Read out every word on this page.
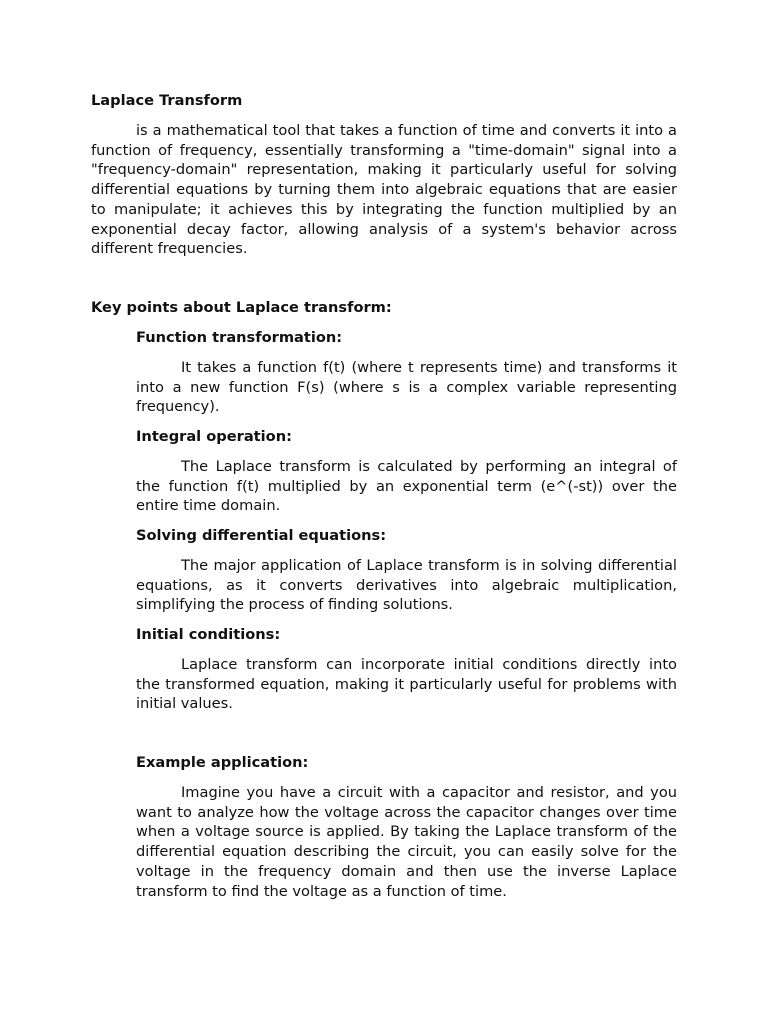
Laplace Transform

is a mathematical tool that takes a function of time and converts it into a function of frequency, essentially transforming a "time-domain" signal into a "frequency-domain" representation, making it particularly useful for solving differential equations by turning them into algebraic equations that are easier to manipulate; it achieves this by integrating the function multiplied by an exponential decay factor, allowing analysis of a system's behavior across different frequencies.

Key points about Laplace transform:
Function transformation:

It takes a function f(t) (where t represents time) and transforms it into a new function F(s) (where s is a complex variable representing frequency).

Integral operation:

The Laplace transform is calculated by performing an integral of the function f(t) multiplied by an exponential term (e^(-st)) over the entire time domain.

Solving differential equations:

The major application of Laplace transform is in solving differential equations, as it converts derivatives into algebraic multiplication, simplifying the process of finding solutions.

Initial conditions:

Laplace transform can incorporate initial conditions directly into the transformed equation, making it particularly useful for problems with initial values.

Example application:

Imagine you have a circuit with a capacitor and resistor, and you want to analyze how the voltage across the capacitor changes over time when a voltage source is applied. By taking the Laplace transform of the differential equation describing the circuit, you can easily solve for the voltage in the frequency domain and then use the inverse Laplace transform to find the voltage as a function of time.
